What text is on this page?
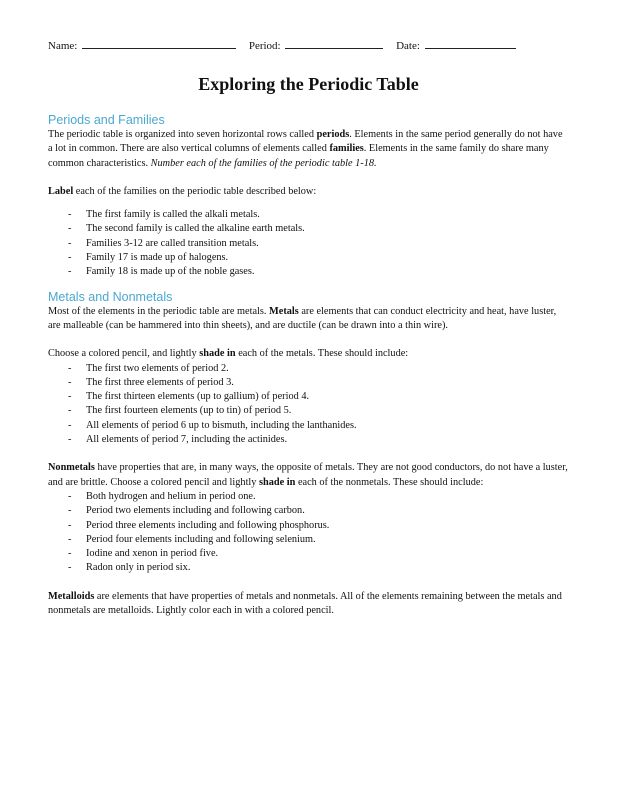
Name:	Period:	Date:
Exploring the Periodic Table
Periods and Families

The periodic table is organized into seven horizontal rows called periods. Elements in the same period generally do not have a lot in common. There are also vertical columns of elements called families. Elements in the same family do share many common characteristics. Number each of the families of the periodic table 1-18.

Label each of the families on the periodic table described below:

- The first family is called the alkali metals.
- The second family is called the alkaline earth metals.
- Families 3-12 are called transition metals.
- Family 17 is made up of halogens.
- Family 18 is made up of the noble gases.
Metals and Nonmetals

Most of the elements in the periodic table are metals. Metals are elements that can conduct electricity and heat, have luster, are malleable (can be hammered into thin sheets), and are ductile (can be drawn into a thin wire).

Choose a colored pencil, and lightly shade in each of the metals. These should include:

- The first two elements of period 2.
- The first three elements of period 3.
- The first thirteen elements (up to gallium) of period 4.
- The first fourteen elements (up to tin) of period 5.
- All elements of period 6 up to bismuth, including the lanthanides.
- All elements of period 7, including the actinides.

Nonmetals have properties that are, in many ways, the opposite of metals. They are not good conductors, do not have a luster, and are brittle. Choose a colored pencil and lightly shade in each of the nonmetals. These should include:

- Both hydrogen and helium in period one.
- Period two elements including and following carbon.
- Period three elements including and following phosphorus.
- Period four elements including and following selenium.
- Iodine and xenon in period five.
- Radon only in period six.

Metalloids are elements that have properties of metals and nonmetals. All of the elements remaining between the metals and nonmetals are metalloids. Lightly color each in with a colored pencil.
